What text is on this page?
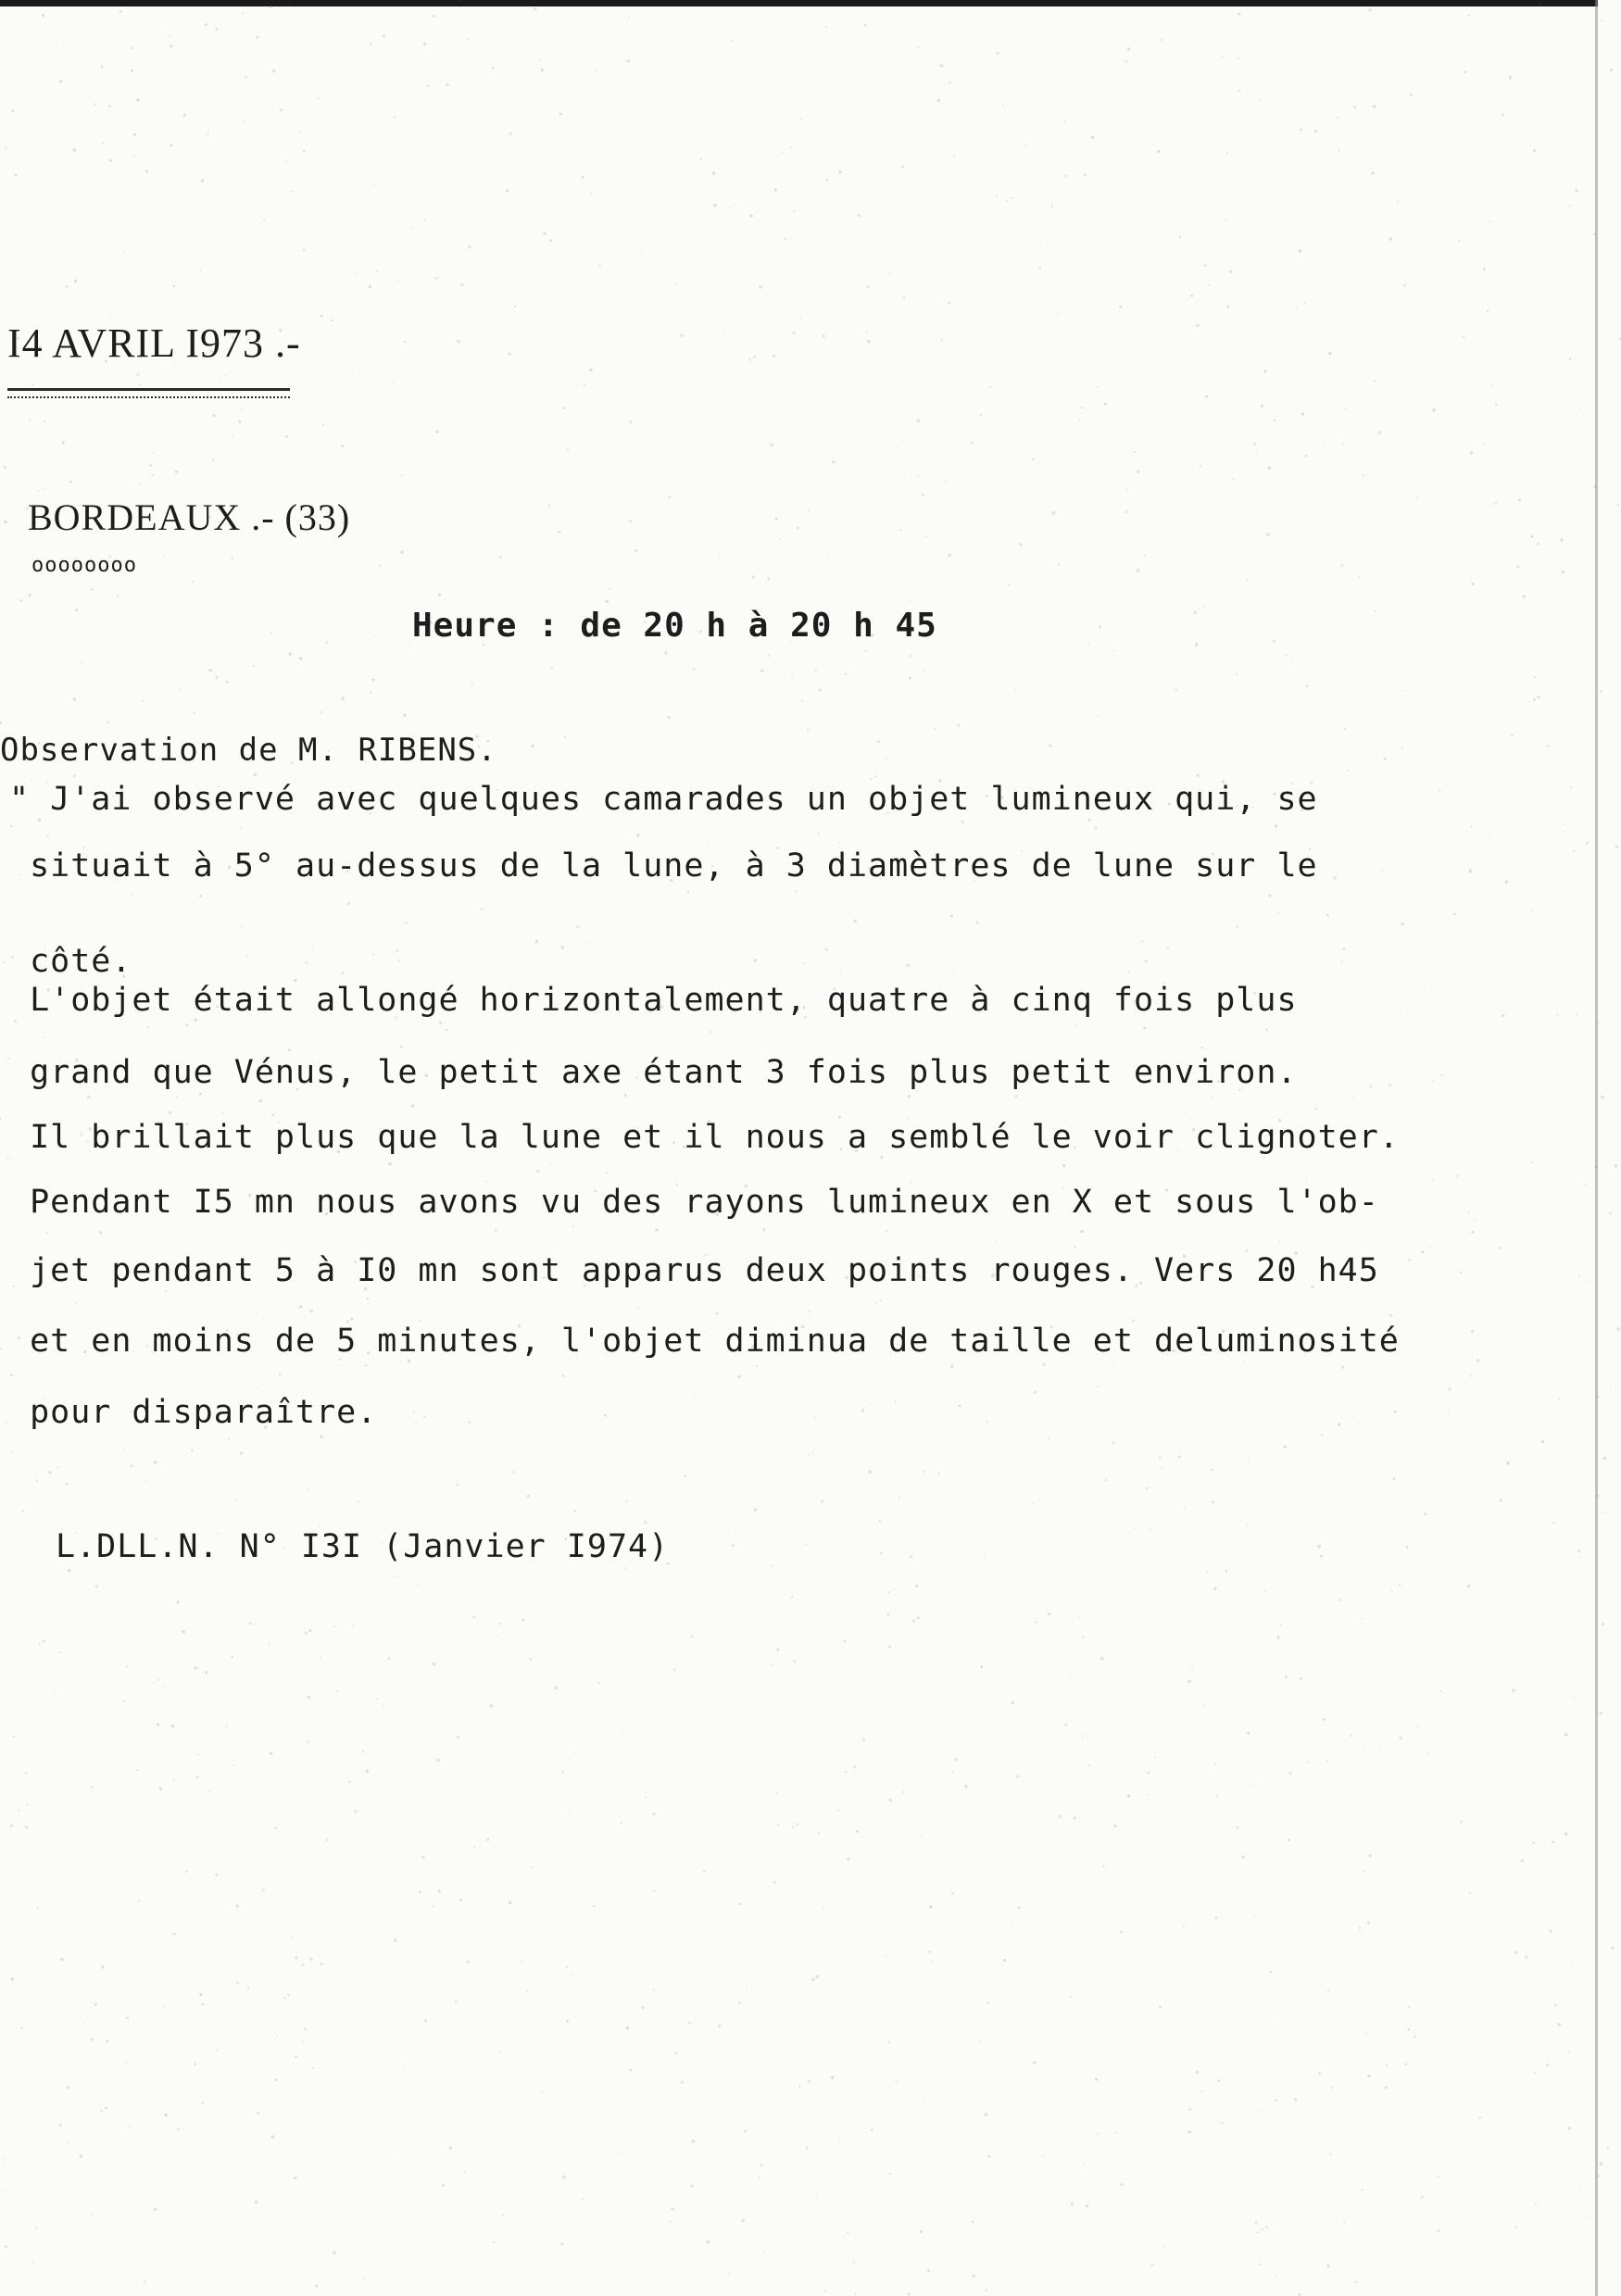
I4 AVRIL I973 .-
BORDEAUX .- (33)
oooooooo
Heure : de 20 h à 20 h 45
Observation de M. RIBENS.
" J'ai observé avec quelques camarades un objet lumineux qui, se
situait à 5° au-dessus de la lune, à 3 diamètres de lune sur le
côté.
L'objet était allongé horizontalement, quatre à cinq fois plus
grand que Vénus, le petit axe étant 3 fois plus petit environ.
Il brillait plus que la lune et il nous a semblé le voir clignoter.
Pendant I5 mn nous avons vu des rayons lumineux en X et sous l'ob-
jet pendant 5 à I0 mn sont apparus deux points rouges. Vers 20 h45
et en moins de 5 minutes, l'objet diminua de taille et deluminosité
pour disparaître.
L.DLL.N. N° I3I (Janvier I974)
